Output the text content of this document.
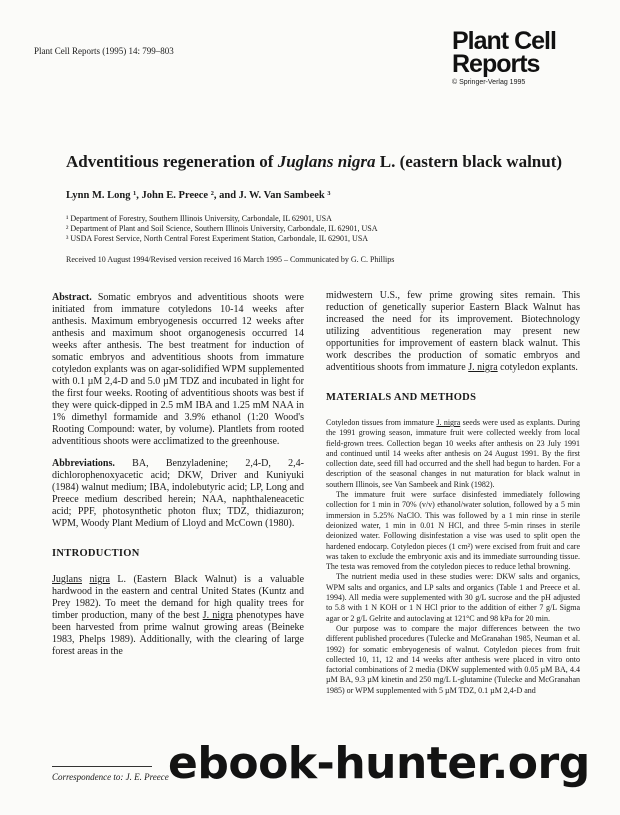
Plant Cell Reports (1995) 14: 799–803	Plant Cell
Reports
© Springer-Verlag 1995
Adventitious regeneration of Juglans nigra L. (eastern black walnut)
Lynn M. Long ¹, John E. Preece ², and J. W. Van Sambeek ³
¹ Department of Forestry, Southern Illinois University, Carbondale, IL 62901, USA
² Department of Plant and Soil Science, Southern Illinois University, Carbondale, IL 62901, USA
³ USDA Forest Service, North Central Forest Experiment Station, Carbondale, IL 62901, USA
Received 10 August 1994/Revised version received 16 March 1995 – Communicated by G. C. Phillips

Abstract. Somatic embryos and adventitious shoots were initiated from immature cotyledons 10-14 weeks after anthesis. Maximum embryogenesis occurred 12 weeks after anthesis and maximum shoot organogenesis occurred 14 weeks after anthesis. The best treatment for induction of somatic embryos and adventitious shoots from immature cotyledon explants was on agar-solidified WPM supplemented with 0.1 µM 2,4-D and 5.0 µM TDZ and incubated in light for the first four weeks. Rooting of adventitious shoots was best if they were quick-dipped in 2.5 mM IBA and 1.25 mM NAA in 1% dimethyl formamide and 3.9% ethanol (1:20 Wood's Rooting Compound: water, by volume). Plantlets from rooted adventitious shoots were acclimatized to the greenhouse.

Abbreviations. BA, Benzyladenine; 2,4-D, 2,4-dichlorophenoxyacetic acid; DKW, Driver and Kuniyuki (1984) walnut medium; IBA, indolebutyric acid; LP, Long and Preece medium described herein; NAA, naphthaleneacetic acid; PPF, photosynthetic photon flux; TDZ, thidiazuron; WPM, Woody Plant Medium of Lloyd and McCown (1980).

INTRODUCTION

Juglans nigra L. (Eastern Black Walnut) is a valuable hardwood in the eastern and central United States (Kuntz and Prey 1982). To meet the demand for high quality trees for timber production, many of the best J. nigra phenotypes have been harvested from prime walnut growing areas (Beineke 1983, Phelps 1989). Additionally, with the clearing of large forest areas in the

Correspondence to: J. E. Preece

midwestern U.S., few prime growing sites remain. This reduction of genetically superior Eastern Black Walnut has increased the need for its improvement. Biotechnology utilizing adventitious regeneration may present new opportunities for improvement of eastern black walnut. This work describes the production of somatic embryos and adventitious shoots from immature J. nigra cotyledon explants.

MATERIALS AND METHODS

Cotyledon tissues from immature J. nigra seeds were used as explants. During the 1991 growing season, immature fruit were collected weekly from local field-grown trees. Collection began 10 weeks after anthesis on 23 July 1991 and continued until 14 weeks after anthesis on 24 August 1991. By the first collection date, seed fill had occurred and the shell had begun to harden. For a description of the seasonal changes in nut maturation for black walnut in southern Illinois, see Van Sambeek and Rink (1982).

The immature fruit were surface disinfested immediately following collection for 1 min in 70% (v/v) ethanol/water solution, followed by a 5 min immersion in 5.25% NaClO. This was followed by a 1 min rinse in sterile deionized water, 1 min in 0.01 N HCl, and three 5-min rinses in sterile deionized water. Following disinfestation a vise was used to split open the hardened endocarp. Cotyledon pieces (1 cm²) were excised from fruit and care was taken to exclude the embryonic axis and its immediate surrounding tissue. The testa was removed from the cotyledon pieces to reduce lethal browning.

The nutrient media used in these studies were: DKW salts and organics, WPM salts and organics, and LP salts and organics (Table 1 and Preece et al. 1994). All media were supplemented with 30 g/L sucrose and the pH adjusted to 5.8 with 1 N KOH or 1 N HCl prior to the addition of either 7 g/L Sigma agar or 2 g/L Gelrite and autoclaving at 121°C and 98 kPa for 20 min.

Our purpose was to compare the major differences between the two different published procedures (Tulecke and McGranahan 1985, Neuman et al. 1992) for somatic embryogenesis of walnut. Cotyledon pieces from fruit collected 10, 11, 12 and 14 weeks after anthesis were placed in vitro onto factorial combinations of 2 media (DKW supplemented with 0.05 µM BA, 4.4 µM BA, 9.3 µM kinetin and 250 mg/L L-glutamine (Tulecke and McGranahan 1985) or WPM supplemented with 5 µM TDZ, 0.1 µM 2,4-D and

ebook-hunter.org
